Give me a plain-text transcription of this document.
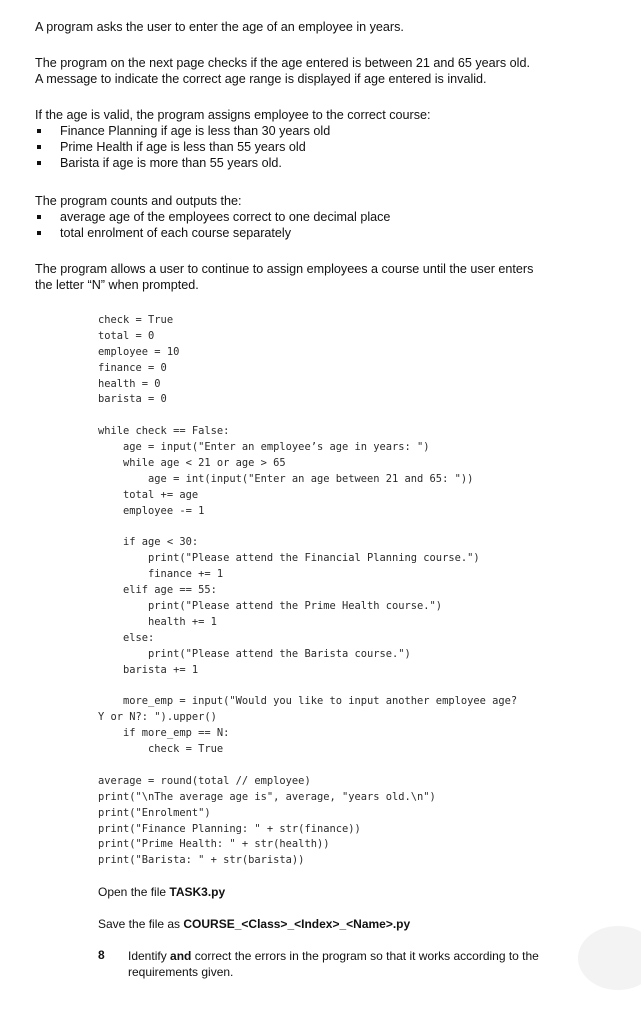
A program asks the user to enter the age of an employee in years.
The program on the next page checks if the age entered is between 21 and 65 years old.
A message to indicate the correct age range is displayed if age entered is invalid.
If the age is valid, the program assigns employee to the correct course:
Finance Planning if age is less than 30 years old
Prime Health if age is less than 55 years old
Barista if age is more than 55 years old.
The program counts and outputs the:
average age of the employees correct to one decimal place
total enrolment of each course separately
The program allows a user to continue to assign employees a course until the user enters
the letter “N” when prompted.
check = True
total = 0
employee = 10
finance = 0
health = 0
barista = 0
while check == False:
age = input("Enter an employee’s age in years: ")
while age < 21 or age > 65
age = int(input("Enter an age between 21 and 65: "))
total += age
employee -= 1
if age < 30:
print("Please attend the Financial Planning course.")
finance += 1
elif age == 55:
print("Please attend the Prime Health course.")
health += 1
else:
print("Please attend the Barista course.")
barista += 1
more_emp = input("Would you like to input another employee age?
Y or N?: ").upper()
if more_emp == N:
check = True
average = round(total // employee)
print("\nThe average age is", average, "years old.\n")
print("Enrolment")
print("Finance Planning: " + str(finance))
print("Prime Health: " + str(health))
print("Barista: " + str(barista))
Open the file TASK3.py
Save the file as COURSE_<Class>_<Index>_<Name>.py
8 Identify and correct the errors in the program so that it works according to the
requirements given.
